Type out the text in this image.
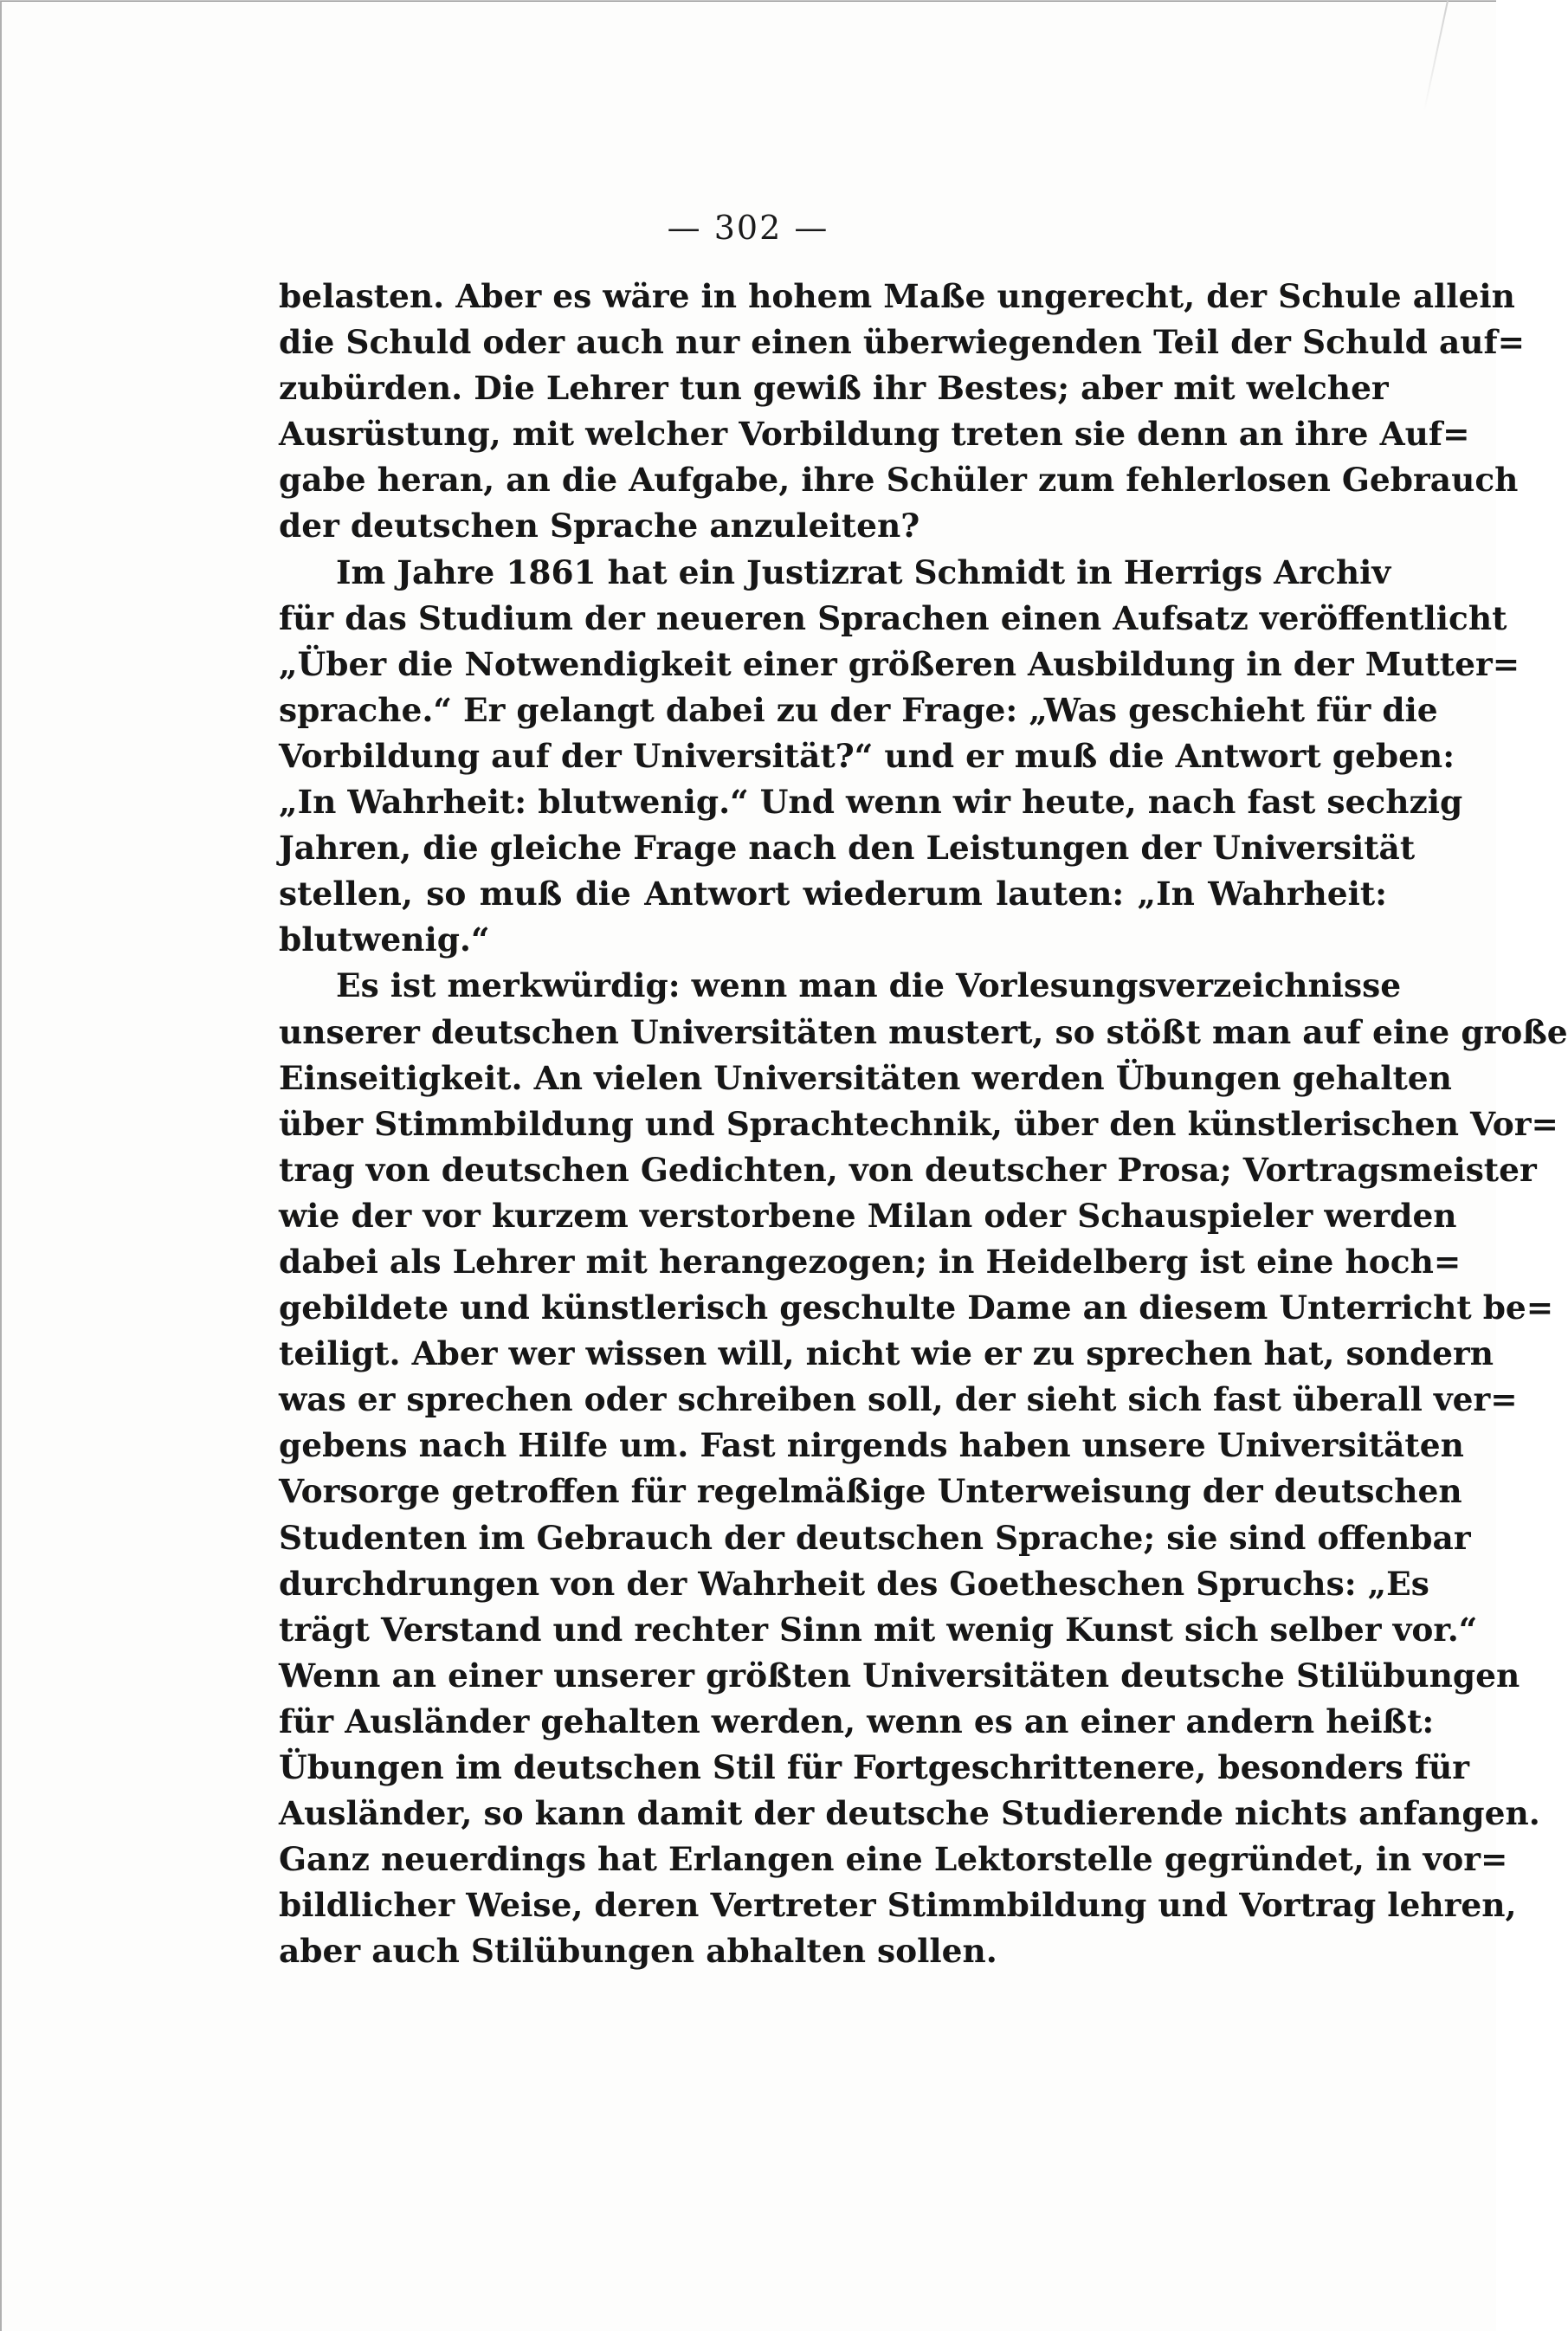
— 302 —
belasten. Aber es wäre in hohem Maße ungerecht, der Schule allein
die Schuld oder auch nur einen überwiegenden Teil der Schuld auf=
zubürden. Die Lehrer tun gewiß ihr Bestes; aber mit welcher
Ausrüstung, mit welcher Vorbildung treten sie denn an ihre Auf=
gabe heran, an die Aufgabe, ihre Schüler zum fehlerlosen Gebrauch
der deutschen Sprache anzuleiten?
Im Jahre 1861 hat ein Justizrat Schmidt in Herrigs Archiv
für das Studium der neueren Sprachen einen Aufsatz veröffentlicht
„Über die Notwendigkeit einer größeren Ausbildung in der Mutter=
sprache.“ Er gelangt dabei zu der Frage: „Was geschieht für die
Vorbildung auf der Universität?“ und er muß die Antwort geben:
„In Wahrheit: blutwenig.“ Und wenn wir heute, nach fast sechzig
Jahren, die gleiche Frage nach den Leistungen der Universität
stellen, so muß die Antwort wiederum lauten: „In Wahrheit:
blutwenig.“
Es ist merkwürdig: wenn man die Vorlesungsverzeichnisse
unserer deutschen Universitäten mustert, so stößt man auf eine große
Einseitigkeit. An vielen Universitäten werden Übungen gehalten
über Stimmbildung und Sprachtechnik, über den künstlerischen Vor=
trag von deutschen Gedichten, von deutscher Prosa; Vortragsmeister
wie der vor kurzem verstorbene Milan oder Schauspieler werden
dabei als Lehrer mit herangezogen; in Heidelberg ist eine hoch=
gebildete und künstlerisch geschulte Dame an diesem Unterricht be=
teiligt. Aber wer wissen will, nicht wie er zu sprechen hat, sondern
was er sprechen oder schreiben soll, der sieht sich fast überall ver=
gebens nach Hilfe um. Fast nirgends haben unsere Universitäten
Vorsorge getroffen für regelmäßige Unterweisung der deutschen
Studenten im Gebrauch der deutschen Sprache; sie sind offenbar
durchdrungen von der Wahrheit des Goetheschen Spruchs: „Es
trägt Verstand und rechter Sinn mit wenig Kunst sich selber vor.“
Wenn an einer unserer größten Universitäten deutsche Stilübungen
für Ausländer gehalten werden, wenn es an einer andern heißt:
Übungen im deutschen Stil für Fortgeschrittenere, besonders für
Ausländer, so kann damit der deutsche Studierende nichts anfangen.
Ganz neuerdings hat Erlangen eine Lektorstelle gegründet, in vor=
bildlicher Weise, deren Vertreter Stimmbildung und Vortrag lehren,
aber auch Stilübungen abhalten sollen.
